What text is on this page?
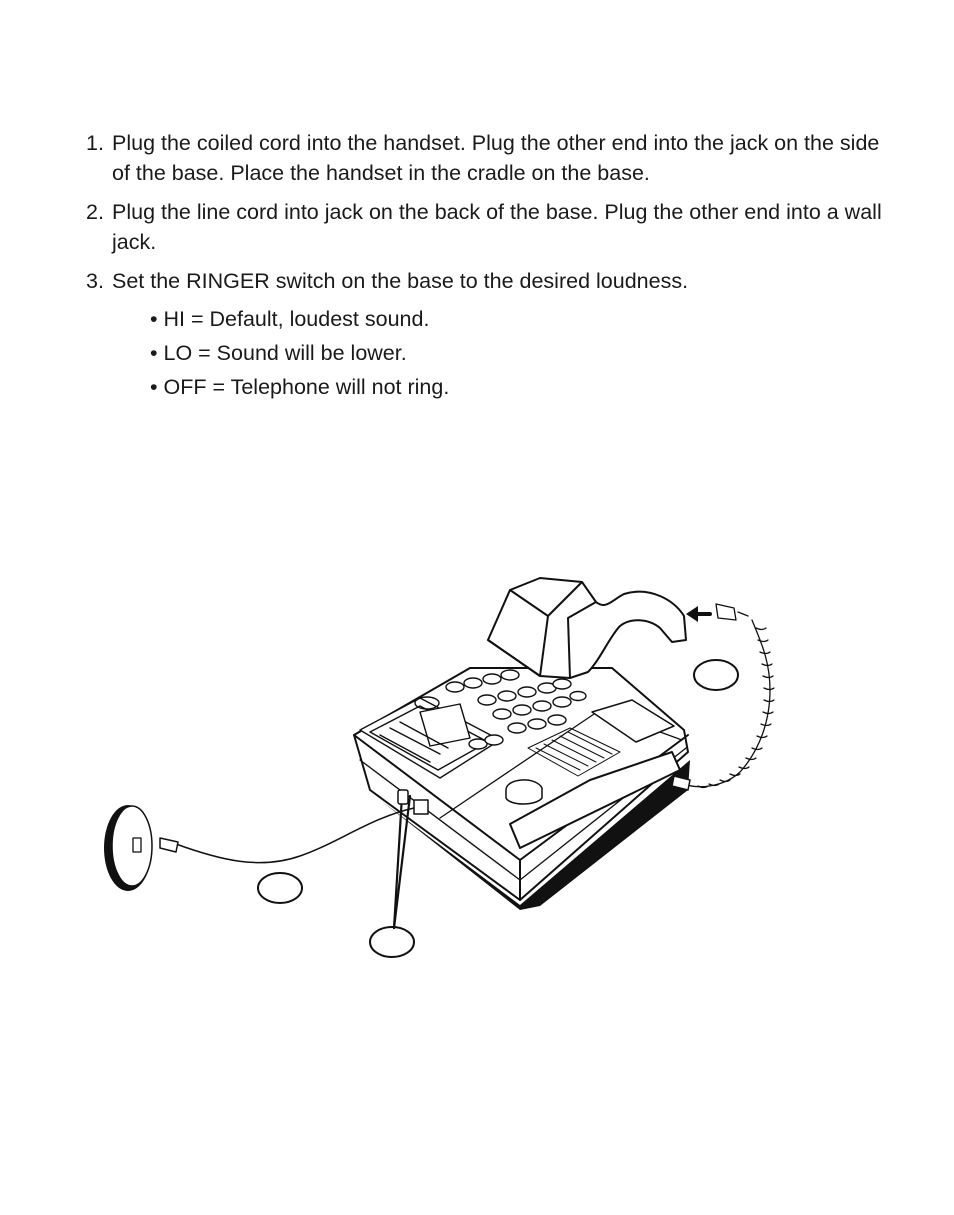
1. Plug the coiled cord into the handset. Plug the other end into the jack on the side of the base. Place the handset in the cradle on the base.
2. Plug the line cord into jack on the back of the base. Plug the other end into a wall jack.
3. Set the RINGER switch on the base to the desired loudness.
• HI = Default, loudest sound.
• LO = Sound will be lower.
• OFF = Telephone will not ring.
